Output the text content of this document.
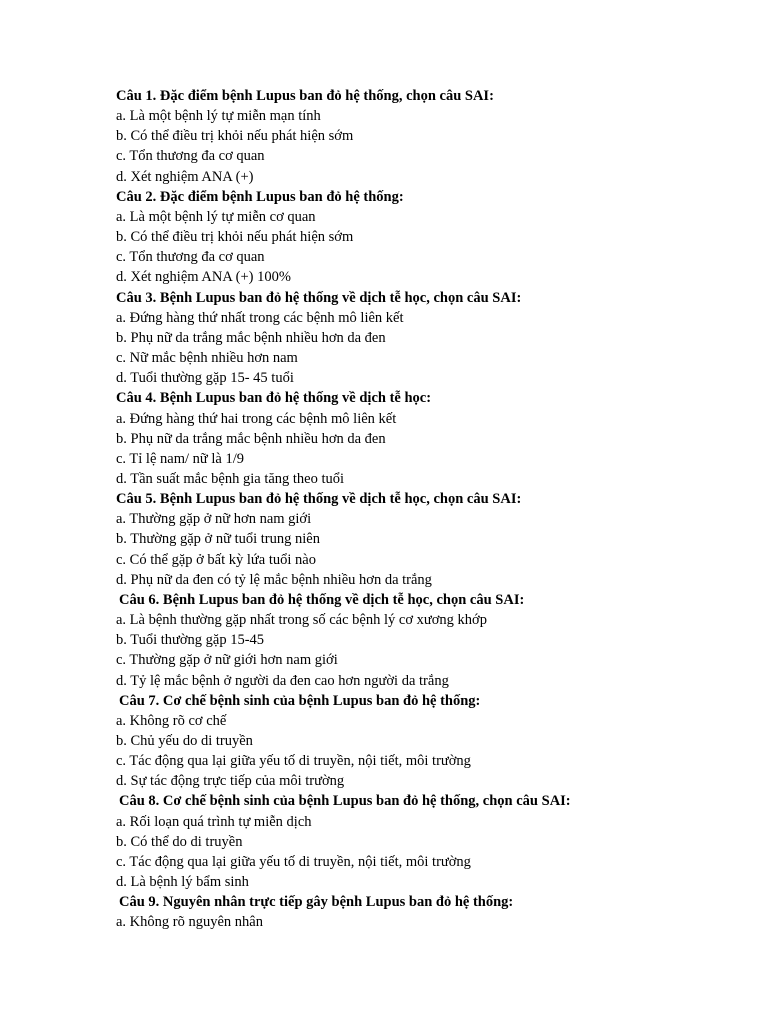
Câu 1. Đặc điểm bệnh Lupus ban đỏ hệ thống, chọn câu SAI:
a. Là một bệnh lý tự miễn mạn tính
b. Có thể điều trị khỏi nếu phát hiện sớm
c. Tổn thương đa cơ quan
d. Xét nghiệm ANA (+)
Câu 2. Đặc điểm bệnh Lupus ban đỏ hệ thống:
a. Là một bệnh lý tự miễn cơ quan
b. Có thể điều trị khỏi nếu phát hiện sớm
c. Tổn thương đa cơ quan
d. Xét nghiệm ANA (+) 100%
Câu 3. Bệnh Lupus ban đỏ hệ thống về dịch tễ học, chọn câu SAI:
a. Đứng hàng thứ nhất trong các bệnh mô liên kết
b. Phụ nữ da trắng mắc bệnh nhiều hơn da đen
c. Nữ mắc bệnh nhiều hơn nam
d. Tuổi thường gặp 15- 45 tuổi
Câu 4. Bệnh Lupus ban đỏ hệ thống về dịch tễ học:
a. Đứng hàng thứ hai trong các bệnh mô liên kết
b. Phụ nữ da trắng mắc bệnh nhiều hơn da đen
c. Tỉ lệ nam/ nữ là 1/9
d. Tần suất mắc bệnh gia tăng theo tuổi
Câu 5. Bệnh Lupus ban đỏ hệ thống về dịch tễ học, chọn câu SAI:
a. Thường gặp ở nữ hơn nam giới
b. Thường gặp ở nữ tuổi trung niên
c. Có thể gặp ở bất kỳ lứa tuổi nào
d. Phụ nữ da đen có tỷ lệ mắc bệnh nhiều hơn da trắng
Câu 6. Bệnh Lupus ban đỏ hệ thống về dịch tễ học, chọn câu SAI:
a. Là bệnh thường gặp nhất trong số các bệnh lý cơ xương khớp
b. Tuổi thường gặp 15-45
c. Thường gặp ở nữ giới hơn nam giới
d. Tỷ lệ mắc bệnh ở người da đen cao hơn người da trắng
Câu 7. Cơ chế bệnh sinh của bệnh Lupus ban đỏ hệ thống:
a. Không rõ cơ chế
b. Chủ yếu do di truyền
c. Tác động qua lại giữa yếu tố di truyền, nội tiết, môi trường
d. Sự tác động trực tiếp của môi trường
Câu 8. Cơ chế bệnh sinh của bệnh Lupus ban đỏ hệ thống, chọn câu SAI:
a. Rối loạn quá trình tự miễn dịch
b. Có thể do di truyền
c. Tác động qua lại giữa yếu tố di truyền, nội tiết, môi trường
d. Là bệnh lý bẩm sinh
Câu 9. Nguyên nhân trực tiếp gây bệnh Lupus ban đỏ hệ thống:
a. Không rõ nguyên nhân
